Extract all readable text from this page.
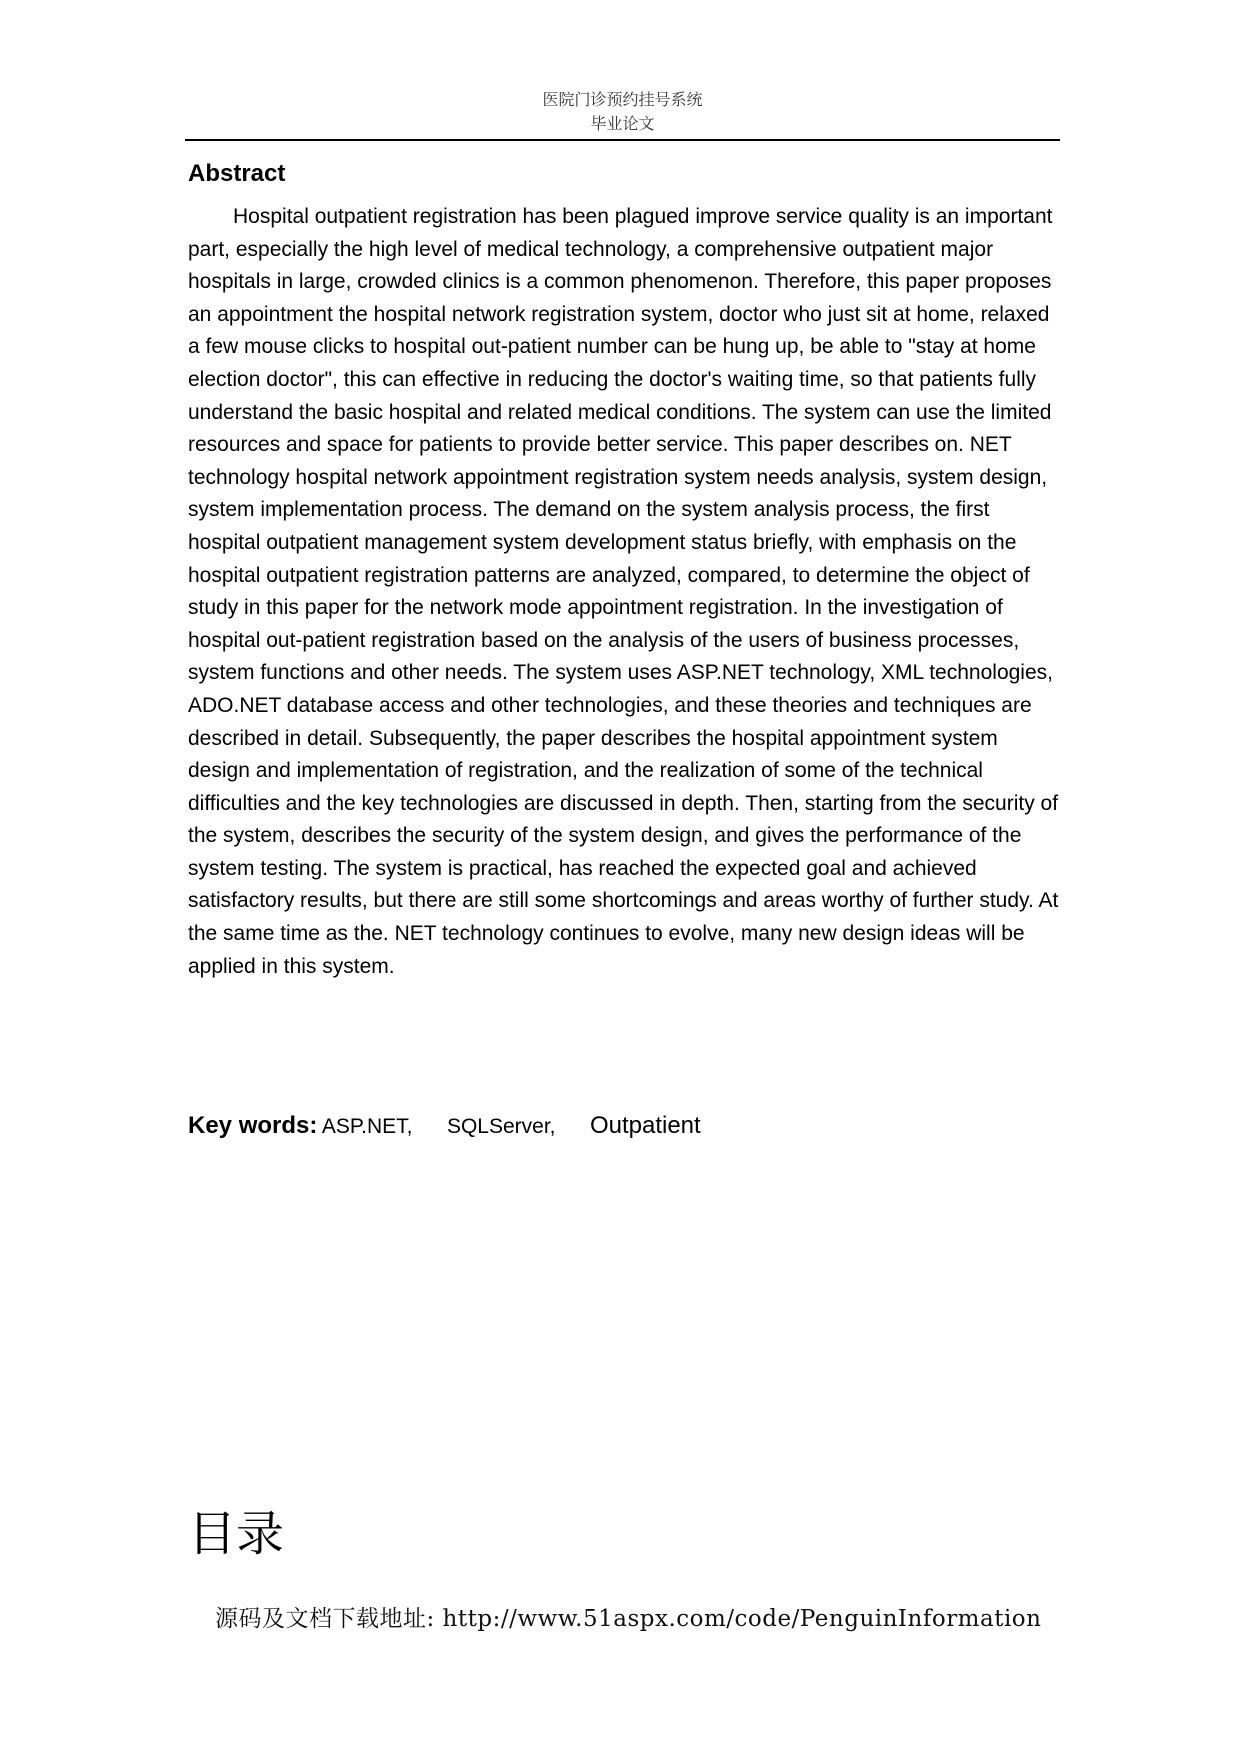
医院门诊预约挂号系统
毕业论文
Abstract

Hospital outpatient registration has been plagued improve service quality is an important part, especially the high level of medical technology, a comprehensive outpatient major hospitals in large, crowded clinics is a common phenomenon. Therefore, this paper proposes an appointment the hospital network registration system, doctor who just sit at home, relaxed a few mouse clicks to hospital out-patient number can be hung up, be able to "stay at home election doctor", this can effective in reducing the doctor's waiting time, so that patients fully understand the basic hospital and related medical conditions. The system can use the limited resources and space for patients to provide better service. This paper describes on. NET technology hospital network appointment registration system needs analysis, system design, system implementation process. The demand on the system analysis process, the first hospital outpatient management system development status briefly, with emphasis on the hospital outpatient registration patterns are analyzed, compared, to determine the object of study in this paper for the network mode appointment registration. In the investigation of hospital out-patient registration based on the analysis of the users of business processes, system functions and other needs. The system uses ASP.NET technology, XML technologies, ADO.NET database access and other technologies, and these theories and techniques are described in detail. Subsequently, the paper describes the hospital appointment system design and implementation of registration, and the realization of some of the technical difficulties and the key technologies are discussed in depth. Then, starting from the security of the system, describes the security of the system design, and gives the performance of the system testing. The system is practical, has reached the expected goal and achieved satisfactory results, but there are still some shortcomings and areas worthy of further study. At the same time as the. NET technology continues to evolve, many new design ideas will be applied in this system.

Key words: ASP.NET, SQLServer, Outpatient
目录
源码及文档下载地址: http://www.51aspx.com/code/PenguinInformation
